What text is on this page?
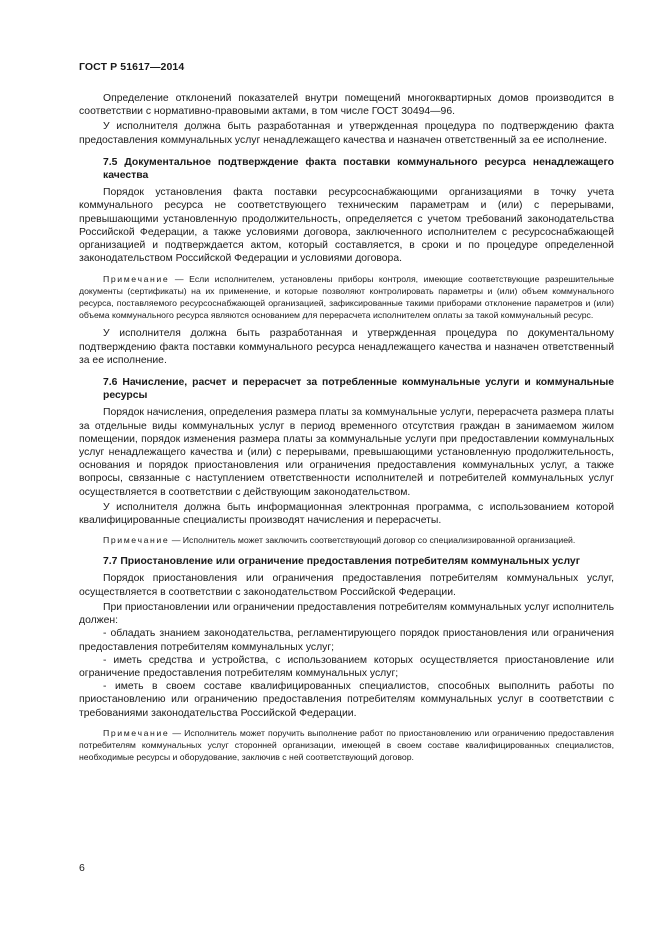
ГОСТ Р 51617—2014

Определение отклонений показателей внутри помещений многоквартирных домов производится в соответствии с нормативно-правовыми актами, в том числе ГОСТ 30494—96.

У исполнителя должна быть разработанная и утвержденная процедура по подтверждению факта предоставления коммунальных услуг ненадлежащего качества и назначен ответственный за ее исполнение.

7.5 Документальное подтверждение факта поставки коммунального ресурса ненадлежащего качества

Порядок установления факта поставки ресурсоснабжающими организациями в точку учета коммунального ресурса не соответствующего техническим параметрам и (или) с перерывами, превышающими установленную продолжительность, определяется с учетом требований законодательства Российской Федерации, а также условиями договора, заключенного исполнителем с ресурсоснабжающей организацией и подтверждается актом, который составляется, в сроки и по процедуре определенной законодательством Российской Федерации и условиями договора.

Примечание — Если исполнителем, установлены приборы контроля, имеющие соответствующие разрешительные документы (сертификаты) на их применение, и которые позволяют контролировать параметры и (или) объем коммунального ресурса, поставляемого ресурсоснабжающей организацией, зафиксированные такими приборами отклонение параметров и (или) объема коммунального ресурса являются основанием для перерасчета исполнителем оплаты за такой коммунальный ресурс.

У исполнителя должна быть разработанная и утвержденная процедура по документальному подтверждению факта поставки коммунального ресурса ненадлежащего качества и назначен ответственный за ее исполнение.

7.6 Начисление, расчет и перерасчет за потребленные коммунальные услуги и коммунальные ресурсы

Порядок начисления, определения размера платы за коммунальные услуги, перерасчета размера платы за отдельные виды коммунальных услуг в период временного отсутствия граждан в занимаемом жилом помещении, порядок изменения размера платы за коммунальные услуги при предоставлении коммунальных услуг ненадлежащего качества и (или) с перерывами, превышающими установленную продолжительность, основания и порядок приостановления или ограничения предоставления коммунальных услуг, а также вопросы, связанные с наступлением ответственности исполнителей и потребителей коммунальных услуг осуществляется в соответствии с действующим законодательством.

У исполнителя должна быть информационная электронная программа, с использованием которой квалифицированные специалисты производят начисления и перерасчеты.

Примечание — Исполнитель может заключить соответствующий договор со специализированной организацией.

7.7 Приостановление или ограничение предоставления потребителям коммунальных услуг

Порядок приостановления или ограничения предоставления потребителям коммунальных услуг, осуществляется в соответствии с законодательством Российской Федерации.

При приостановлении или ограничении предоставления потребителям коммунальных услуг исполнитель должен:

- обладать знанием законодательства, регламентирующего порядок приостановления или ограничения предоставления потребителям коммунальных услуг;

- иметь средства и устройства, с использованием которых осуществляется приостановление или ограничение предоставления потребителям коммунальных услуг;

- иметь в своем составе квалифицированных специалистов, способных выполнить работы по приостановлению или ограничению предоставления потребителям коммунальных услуг в соответствии с требованиями законодательства Российской Федерации.

Примечание — Исполнитель может поручить выполнение работ по приостановлению или ограничению предоставления потребителям коммунальных услуг сторонней организации, имеющей в своем составе квалифицированных специалистов, необходимые ресурсы и оборудование, заключив с ней соответствующий договор.

6
